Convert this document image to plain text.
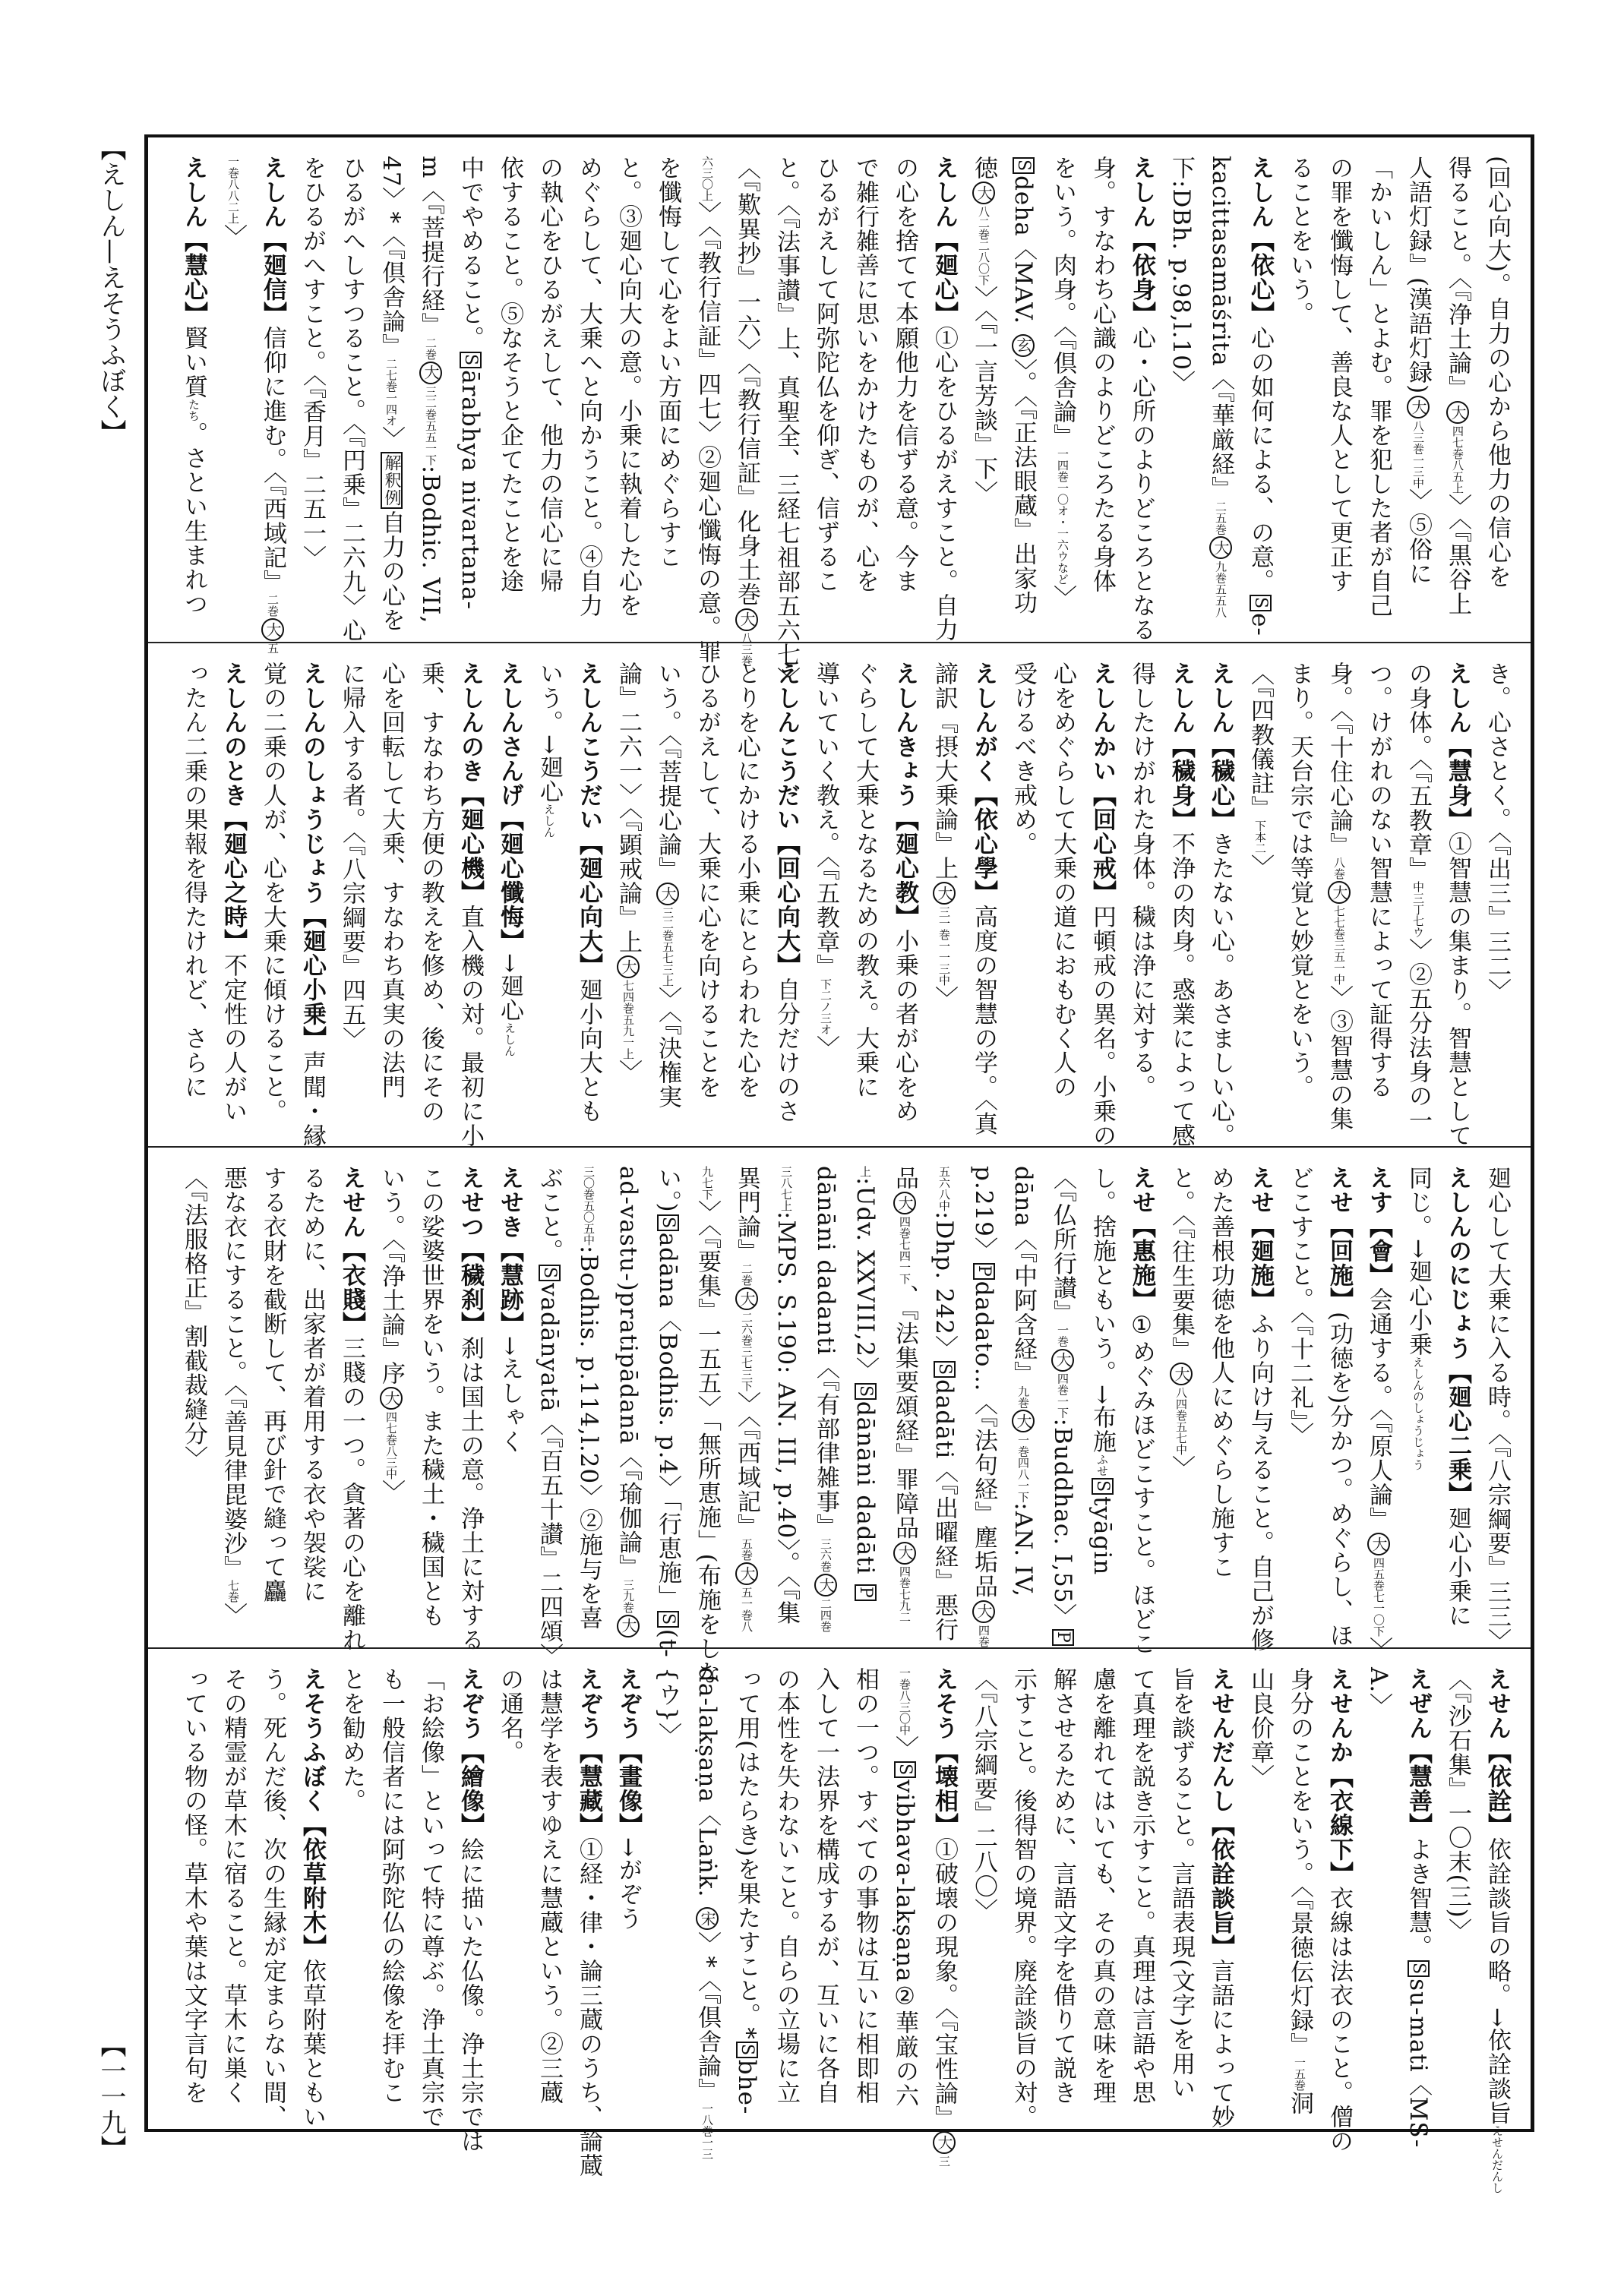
【えしん—えそうふぼく】	(回心向大)。自力の心から他力の信心を
得ること。〈『浄土論』大四七巻八五上〉〈『黒谷上
人語灯録』(漢語灯録)大八三巻一三中〉⑤俗に
「かいしん」とよむ。罪を犯した者が自己
の罪を懺悔して、善良な人として更正す
ることをいう。
えしん【依心】心の如何による、の意。Se-
kacittasamāśrita〈『華厳経』二五巻大九巻五五八
下:DBh. p.98,l.10〉
えしん【依身】心・心所のよりどころとなる
身。すなわち心識のよりどころたる身体
をいう。肉身。〈『倶舎論』一四巻一〇オ・一六ウなど〉
Sdeha〈MAV. 玄〉。〈『正法眼蔵』出家功
徳大八二巻二八〇下〉〈『一言芳談』下〉
えしん【廻心】①心をひるがえすこと。自力
の心を捨てて本願他力を信ずる意。今ま
で雑行雑善に思いをかけたものが、心を
ひるがえして阿弥陀仏を仰ぎ、信ずるこ
と。〈『法事讃』上、真聖全、三経七祖部五六七〉
〈『歎異抄』一六〉〈『教行信証』化身土巻大八三巻
六三〇上〉〈『教行信証』四七〉②廻心懺悔の意。罪
を懺悔して心をよい方面にめぐらすこ
と。③廻心向大の意。小乗に執着した心を
めぐらして、大乗へと向かうこと。④自力
の執心をひるがえして、他力の信心に帰
依すること。⑤なそうと企てたことを途
中でやめること。Sārabhya nivartana-
m〈『菩提行経』二巻大三二巻五五一下:Bodhic. VII,
47〉*〈『倶舎論』二七巻一四オ〉解釈例自力の心を
ひるがへしすつること。〈『円乗』二六九〉心
をひるがへすこと。〈『香月』二五一〉
えしん【廻信】信仰に進む。〈『西域記』二巻大五
一巻八八二上〉
えしん【慧心】賢い質たち。さとい生まれつ
き。心さとく。〈『出三』三二〉
えしん【慧身】①智慧の集まり。智慧として
の身体。〈『五教章』中三丁七ウ〉②五分法身の一
つ。けがれのない智慧によって証得する
身。〈『十住心論』八巻大七七巻三五一中〉③智慧の集
まり。天台宗では等覚と妙覚とをいう。
〈『四教儀註』下本二〉
えしん【穢心】きたない心。あさましい心。
えしん【穢身】不浄の肉身。惑業によって感
得したけがれた身体。穢は浄に対する。
えしんかい【回心戒】円頓戒の異名。小乗の
心をめぐらして大乗の道におもむく人の
受けるべき戒め。
えしんがく【依心學】高度の智慧の学。〈真
諦訳『摂大乗論』上大三一巻一一三中〉
えしんきょう【廻心教】小乗の者が心をめ
ぐらして大乗となるための教え。大乗に
導いていく教え。〈『五教章』下二ノ三オ〉
えしんこうだい【回心向大】自分だけのさ
とりを心にかける小乗にとらわれた心を
ひるがえして、大乗に心を向けることを
いう。〈『菩提心論』大三二巻五七三上〉〈『決権実
論』二六一〉〈『顕戒論』上大七四巻五九一上〉
えしんこうだい【廻心向大】廻小向大とも
いう。→廻心えしん
えしんさんげ【廻心懺悔】→廻心えしん
えしんのき【廻心機】直入機の対。最初に小
乗、すなわち方便の教えを修め、後にその
心を回転して大乗、すなわち真実の法門
に帰入する者。〈『八宗綱要』四五〉
えしんのしょうじょう【廻心小乗】声聞・縁
覚の二乗の人が、心を大乗に傾けること。
えしんのとき【廻心之時】不定性の人がい
ったん二乗の果報を得たけれど、さらに
廻心して大乗に入る時。〈『八宗綱要』三三〉
えしんのにじょう【廻心二乗】廻心小乗に
同じ。→廻心小乗えしんのしょうじょう
えす【會】会通する。〈『原人論』大四五巻七一〇下〉
えせ【回施】(功徳を)分かつ。めぐらし、ほ
どこすこと。〈『十二礼』〉
えせ【廻施】ふり向け与えること。自己が修
めた善根功徳を他人にめぐらし施すこ
と。〈『往生要集』大八四巻五七中〉
えせ【惠施】①めぐみほどこすこと。ほどこ
し。捨施ともいう。→布施ふせStyāgin
〈『仏所行讃』一巻大四巻一下:Buddhac. I,55〉P
dāna〈『中阿含経』九巻大一巻四八一下:AN. IV,
p.219〉Pdadato…〈『法句経』塵垢品大四巻
五六八中:Dhp. 242〉Sdadāti〈『出曜経』悪行
品大四巻七四一下、『法集要頌経』罪障品大四巻七九二
上:Udv. XXVIII,2〉Sdānāni dadāti P
dānāni dadanti〈『有部律雑事』三六巻大二四巻
三八七上:MPS. S.190: AN. III, p.40〉。〈『集
異門論』二巻大二六巻三七三下〉〈『西域記』五巻大五一巻八
九七下〉〈『要集』一五五〉「無所恵施」(布施をしな
い。)Sadāna〈Bodhis. p.4〉「行恵施」S(t-
ad-vastu-)pratipādanā〈『瑜伽論』三九巻大
三〇巻五〇五中:Bodhis. p.114,l.20〉②施与を喜
ぶこと。Svadānyatā〈『百五十讃』二四頌〉
えせき【慧跡】→えしゃく
えせつ【穢刹】刹は国土の意。浄土に対する
この娑婆世界をいう。また穢土・穢国とも
いう。〈『浄土論』序大四七巻八三中〉
えせん【衣賤】三賤の一つ。貪著の心を離れ
るために、出家者が着用する衣や袈裟に
する衣財を截断して、再び針で縫って麤
悪な衣にすること。〈『善見律毘婆沙』七巻〉
〈『法服格正』割截裁縫分〉
えせん【依詮】依詮談旨の略。→依詮談旨えせんだんし
〈『沙石集』一〇末(三)〉
えぜん【慧善】よき智慧。Ssu-mati〈MS-
A.〉
えせんか【衣線下】衣線は法衣のこと。僧の
身分のことをいう。〈『景徳伝灯録』一五巻洞
山良价章〉
えせんだんし【依詮談旨】言語によって妙
旨を談ずること。言語表現(文字)を用い
て真理を説き示すこと。真理は言語や思
慮を離れてはいても、その真の意味を理
解させるために、言語文字を借りて説き
示すこと。後得智の境界。廃詮談旨の対。
〈『八宗綱要』二八〇〉
えそう【壊相】①破壊の現象。〈『宝性論』大三
一巻八三〇中〉Svibhava-lakṣaṇa②華厳の六
相の一つ。すべての事物は互いに相即相
入して一法界を構成するが、互いに各自
の本性を失わないこと。自らの立場に立
って用(はたらき)を果たすこと。*Sbhe-
da-lakṣaṇa〈Laṅk. 宋〉*〈『倶舎論』一八巻一三
{ウ}〉
えぞう【畫像】→がぞう
えぞう【慧藏】①経・律・論三蔵のうち、論蔵
は慧学を表すゆえに慧蔵という。②三蔵
の通名。
えぞう【繪像】絵に描いた仏像。浄土宗では
「お絵像」といって特に尊ぶ。浄土真宗で
も一般信者には阿弥陀仏の絵像を拝むこ
とを勧めた。
えそうふぼく【依草附木】依草附葉ともい
う。死んだ後、次の生縁が定まらない間、
その精霊が草木に宿ること。草木に巣く
っている物の怪。草木や葉は文字言句を
【一一九】
